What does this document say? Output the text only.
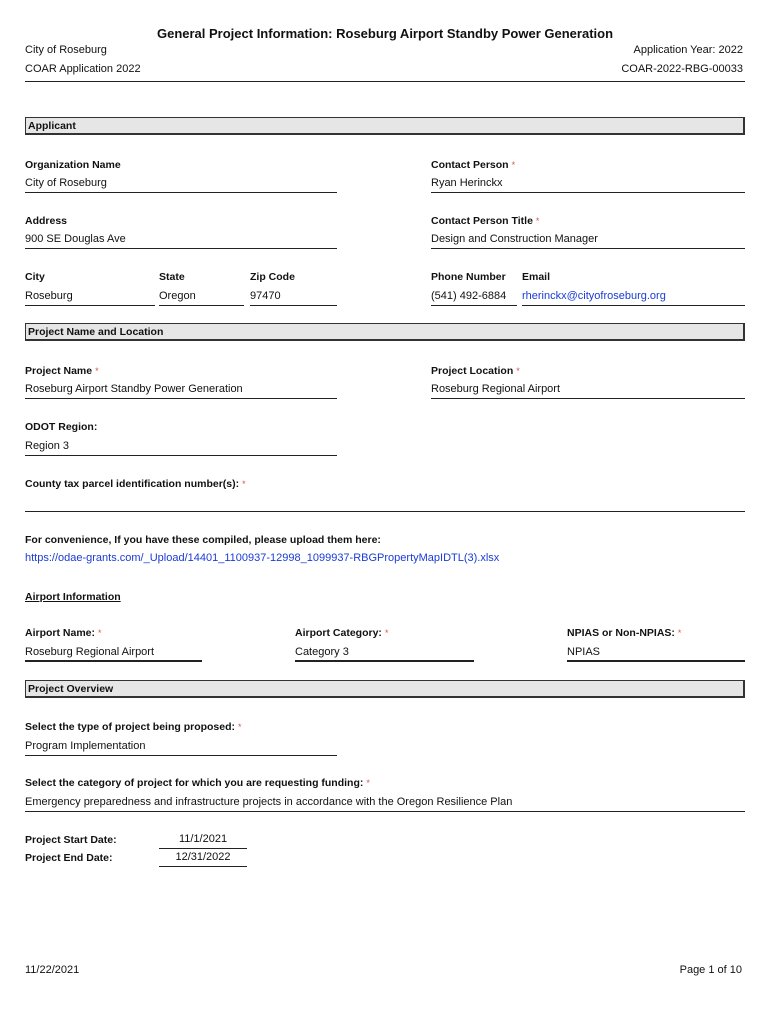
General Project Information: Roseburg Airport Standby Power Generation
City of Roseburg
COAR Application 2022
Application Year: 2022
COAR-2022-RBG-00033
Applicant
Organization Name
City of Roseburg
Contact Person *
Ryan Herinckx
Address
900 SE Douglas Ave
Contact Person Title *
Design and Construction Manager
City
Roseburg
State
Oregon
Zip Code
97470
Phone Number
(541) 492-6884
Email
rherinckx@cityofroseburg.org
Project Name and Location
Project Name *
Roseburg Airport Standby Power Generation
Project Location *
Roseburg Regional Airport
ODOT Region:
Region 3
County tax parcel identification number(s): *
For convenience, If you have these compiled, please upload them here:
https://odae-grants.com/_Upload/14401_1100937-12998_1099937-RBGPropertyMapIDTL(3).xlsx
Airport Information
Airport Name: *
Roseburg Regional Airport
Airport Category: *
Category 3
NPIAS or Non-NPIAS: *
NPIAS
Project Overview
Select the type of project being proposed: *
Program Implementation
Select the category of project for which you are requesting funding: *
Emergency preparedness and infrastructure projects in accordance with the Oregon Resilience Plan
Project Start Date:	11/1/2021
Project End Date:	12/31/2022
11/22/2021	Page 1 of 10
